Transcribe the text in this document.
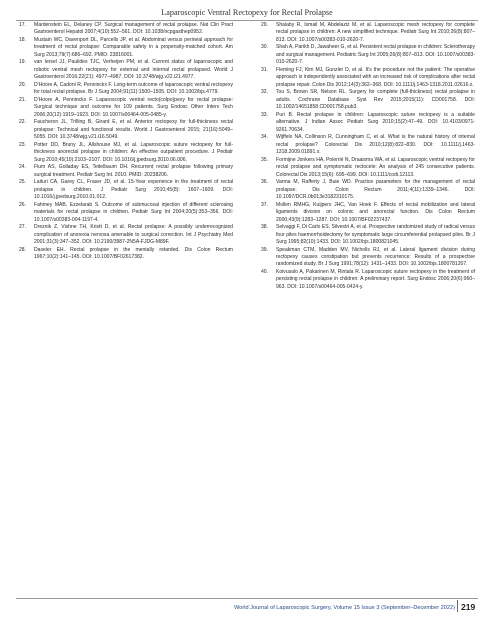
Laparoscopic Ventral Rectopexy for Rectal Prolapse
17.	Mardenstein EL, Delaney CP. Surgical management of rectal prolapse. Nat Clin Pract Gastroenterol Hepatol 2007;4(10):552–561. DOI: 10.1038/ncpgasthep0952.
18.	Mustain WC, Davenport DL, Parcells JP, et al. Abdominal versus perineal approach for treatment of rectal prolapse: Comparable safety in a propensity-matched cohort. Am Surg 2013;79(7):686–692. PMID: 23816001.
19.	van Iersel JJ, Paulides TJC, Verheijen PM, et al. Current status of laparoscopic and robotic ventral mesh rectopexy for external and internal rectal prolapsed. World J Gastroenterol 2016;22(21): 4977–4987. DOI: 10.3748/wjg.v22.i21.4977.
20.	D'Hoore A, Cadoni R, Penninckx F. Long-term outcome of laparoscopic ventral rectopexy for total rectal prolapse. Br J Surg 2004;91(11):1500–1505. DOI: 10.1002/bjs.4779.
21.	D'Hoore A, Penninckx F. Laparoscopic ventral recto(colpo)pexy for rectal prolapse: Surgical technique and outcome for 109 patients. Surg Endosc Other Interv Tech 2006;20(12):1919–1923. DOI: 10.1007/s00464-005-0485-y.
22.	Faucheron JL, Trilling B, Girard E, et al. Anterior rectopexy for full-thickness rectal prolapse: Technical and functional results. World J Gastroenterol 2015; 21(16):5049–5055. DOI: 10.3748/wjg.v21.i16.5049.
23.	Potter DD, Bruny JL, Allshouse MJ, et al. Laparoscopic suture rectopexy for full-thickness anorectal prolapse in children: An effective outpatient procedure. J Pediatr Surg 2010;45(10):2103–2107. DOI: 10.1016/j.jpedsurg.2010.06.006.
24.	Flum AS, Golladay ES, Teitelbaum DH. Recurrent rectal prolapse following primary surgical treatment. Pediatr Surg Int. 2010. PMID: 20238206.
25.	Laituri CA, Garey CL, Fraser JD, et al. 15-Year experience in the treatment of rectal prolapse in children. J Pediatr Surg 2010;45(8): 1607–1609. DOI: 10.1016/j.jpedsurg.2010.01.012.
26.	Fahmey MAB, Ezzelarab S. Outcome of submucosal injection of different sclerosing materials for rectal prolapse in children. Pediatr Surg Int 2004;20(5):353–356. DOI: 10.1007/s00383-004-1197-4.
27.	Dreznik Z, Vishne TH, Kristt D, et al. Rectal prolapse: A possibly underrecognized complication of anorexia nervosa amenable to surgical correction. Int J Psychiatry Med 2001;31(3):347–352. DOI: 10.2190/3987-2N5A-FJDG-M89F.
28.	Daseler EH. Rectal prolapse in the mentally retarded. Dis Colon Rectum 1967;10(2):141–145. DOI: 10.1007/BF02617382.
29.	Shalaby R, Ismail M, Abdelaziz M, et al. Laparoscopic mesh rectopexy for complete rectal prolapse in children: A new simplified technique. Pediatr Surg Int 2010;26(8):807–813. DOI: 10.1007/s00383-010-2620-7.
30.	Shah A, Parikh D, Jawaheer G, et al. Persistent rectal prolapse in children: Sclerotherapy and surgical management. Pediatric Surg Int 2005;26(8):807–813. DOI: 10.1007/s00383-010-2620-7.
31.	Fleming FJ, Kim MJ, Gunzler D, et al. It's the procedure not the patient: The operative approach is independently associated with an increased risk of complications after rectal prolapse repair. Colon Dis 2012;14(3):362–368. DOI: 10.1111/j.1463-1318.2011.02616.x.
32.	Tou S, Brown SR, Nelson RL. Surgery for complete (full-thickness) rectal prolapse in adults. Cochrane Database Syst Rev 2015;2015(11): CD001758. DOI: 10.1002/14651858.CD001758.pub3.
33.	Puri B. Rectal prolapse in children: Laparoscopic suture rectopexy is a suitable alternative. J Indian Assoc Pediatr Surg 2010;15(2):47–49. DOI: 10.4103/0971-9261.70634.
34.	Wijffels NA, Collinson R, Cunningham C, et al. What is the natural history of internal rectal prolapse? Colorectal Dis 2010;12(8):822–830. DOI: 10.1111/j.1463-1318.2009.01891.x.
35.	Formijne Jonkers HA, Poierrié N, Draaisma WA, et al. Laparoscopic ventral rectopexy for rectal prolapse and symptomatic rectocele: An analysis of 245 consecutive patients. Colorectal Dis 2013;15(6): 695–699. DOI: 10.1111/codi.12113.
36.	Varma M, Rafferty J, Buie WD. Practice parameters for the management of rectal prolapse. Dis Colon Rectum 2011;4(11):1339–1346. DOI: 10.1097/DCR.0b013e3182310175.
37.	Mollen RMHG, Kuijpers JHC, Van Hoek F. Effects of rectal mobilization and lateral ligaments division on colonic and anorectal function. Dis Colon Rectum 2000;43(9):1283–1287. DOI: 10.1007/BF02237437.
38.	Selvaggi F, Di Carlo ES, Silvestri A, et al. Prospective randomized study of radical versus four piles haemorrhoidectomy for symptomatic large circumferential prolapsed piles. Br J Surg 1995;82(10):1433. DOI: 10.1002/bjs.1800821045.
39.	Speakman CTM, Madden MV, Nicholls RJ, et al. Lateral ligament division during rectopexy causes constipation but prevents recurrence: Results of a prospective randomized study. Br J Surg 1991;78(12): 1431–1433. DOI: 10.1002/bjs.1800781207.
40.	Koivusalo A, Pakarinen M, Rintala R. Laparoscopic suture rectopexy in the treatment of persisting rectal prolapse in children: A preliminary report. Surg Endosc 2006;20(6):960–963. DOI: 10.1007/s00464-005-0424-y.
World Journal of Laparoscopic Surgery, Volume 15 Issue 3 (September–December 2022) 219
